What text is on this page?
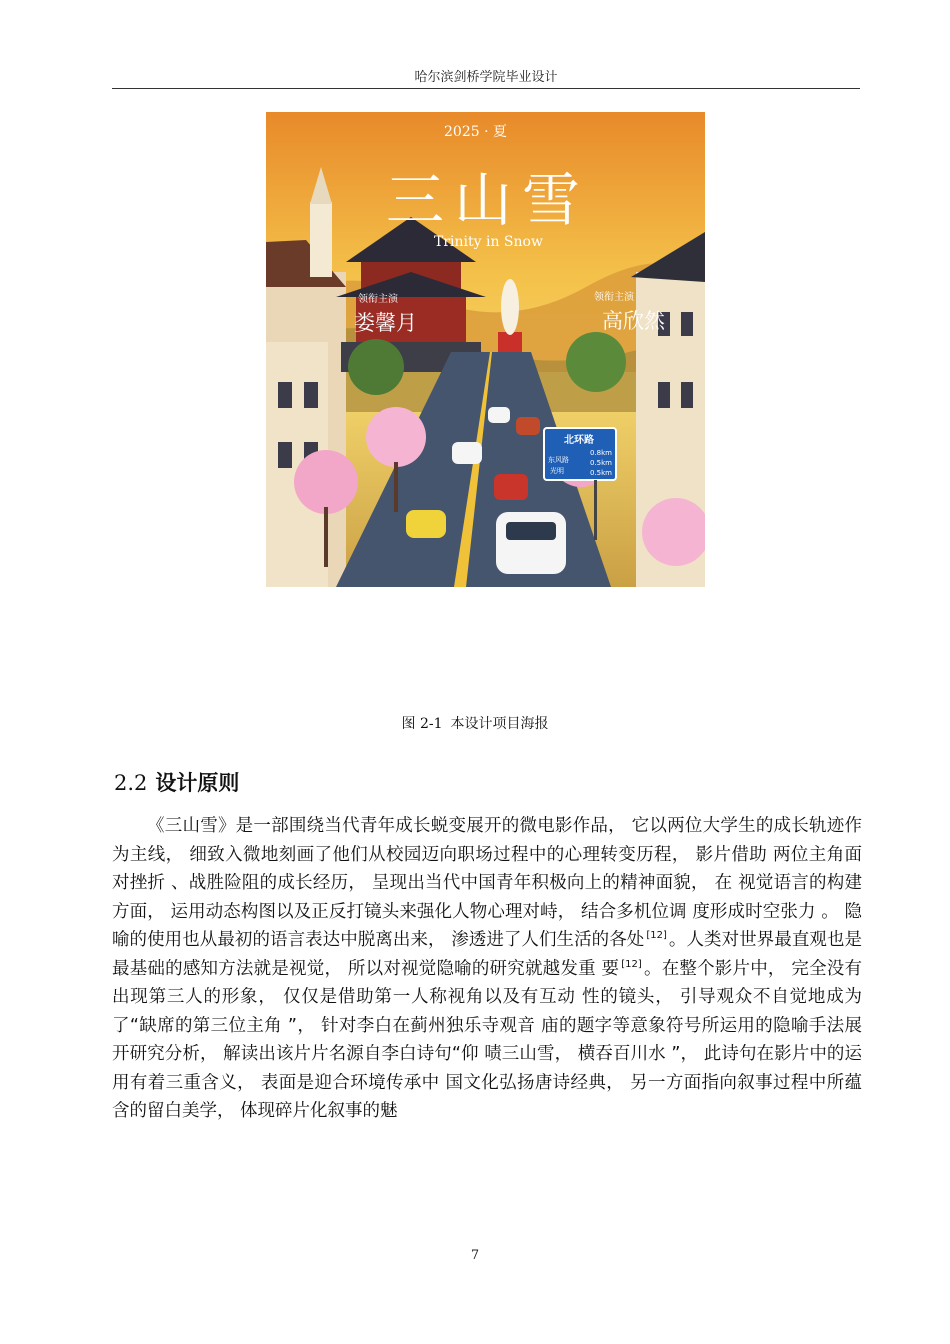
哈尔滨剑桥学院毕业设计
2025 · 夏
三山雪
Trinity in Snow
领衔主演
娄馨月
领衔主演
高欣然
北环路
东风路
光明
0.8km
0.5km
0.5km
图 2-1 本设计项目海报
2.2 设计原则

《三山雪》是一部围绕当代青年成长蜕变展开的微电影作品， 它以两位大学生的成长轨迹作为主线， 细致入微地刻画了他们从校园迈向职场过程中的心理转变历程， 影片借助 两位主角面对挫折 、战胜险阻的成长经历， 呈现出当代中国青年积极向上的精神面貌， 在 视觉语言的构建方面， 运用动态构图以及正反打镜头来强化人物心理对峙， 结合多机位调 度形成时空张力 。 隐喻的使用也从最初的语言表达中脱离出来， 渗透进了人们生活的各处 [12] 。人类对世界最直观也是最基础的感知方法就是视觉， 所以对视觉隐喻的研究就越发重 要 [12] 。在整个影片中， 完全没有出现第三人的形象， 仅仅是借助第一人称视角以及有互动 性的镜头， 引导观众不自觉地成为了“缺席的第三位主角 ”， 针对李白在蓟州独乐寺观音 庙的题字等意象符号所运用的隐喻手法展开研究分析， 解读出该片片名源自李白诗句“仰 啧三山雪， 横吞百川水 ”， 此诗句在影片中的运用有着三重含义， 表面是迎合环境传承中 国文化弘扬唐诗经典， 另一方面指向叙事过程中所蕴含的留白美学， 体现碎片化叙事的魅

7
